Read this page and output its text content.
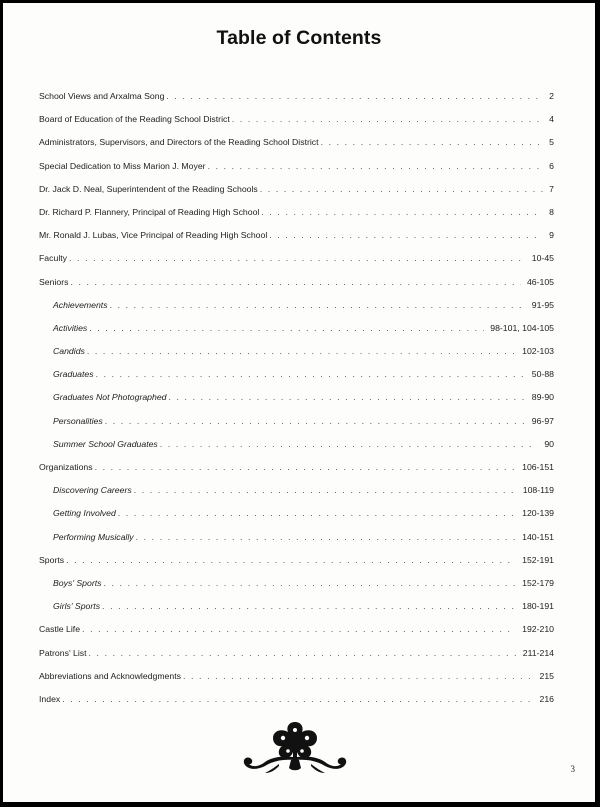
Table of Contents
School Views and Arxalma Song . . .	2
Board of Education of the Reading School District . . .	4
Administrators, Supervisors, and Directors of the Reading School District . . .	5
Special Dedication to Miss Marion J. Moyer . . .	6
Dr. Jack D. Neal, Superintendent of the Reading Schools . . .	7
Dr. Richard P. Flannery, Principal of Reading High School . . .	8
Mr. Ronald J. Lubas, Vice Principal of Reading High School . . .	9
Faculty . . .	10-45
Seniors . . .	46-105
Achievements . . .	91-95
Activities . . .	98-101, 104-105
Candids . . .	102-103
Graduates . . .	50-88
Graduates Not Photographed . . .	89-90
Personalities . . .	96-97
Summer School Graduates . . .	90
Organizations . . .	106-151
Discovering Careers . . .	108-119
Getting Involved . . .	120-139
Performing Musically . . .	140-151
Sports . . .	152-191
Boys' Sports . . .	152-179
Girls' Sports . . .	180-191
Castle Life . . .	192-210
Patrons' List . . .	211-214
Abbreviations and Acknowledgments . . .	215
Index . . .	216
3
